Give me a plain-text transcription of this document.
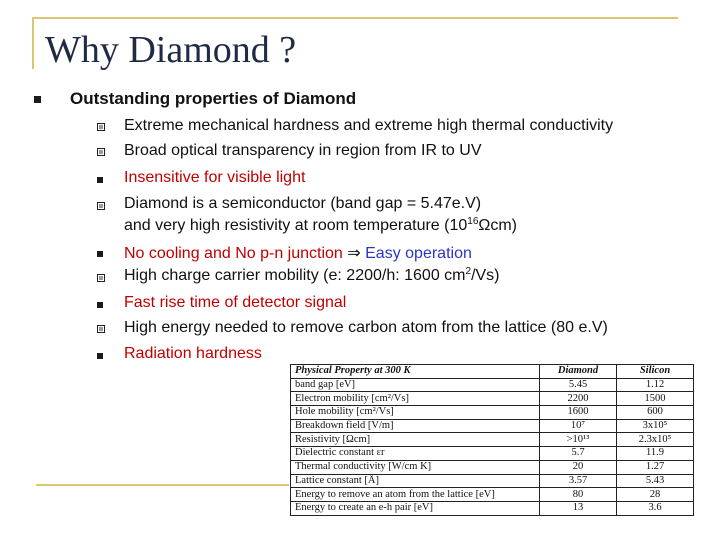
Why Diamond ?
Outstanding properties of Diamond
Extreme mechanical hardness and extreme high thermal conductivity
Broad optical transparency in region from IR to UV
Insensitive for visible light
Diamond is a semiconductor (band gap = 5.47e.V)
and very high resistivity at room temperature $(10^{16}\Omega cm)$
No cooling and No p-n junction ⇒ Easy operation
High charge carrier mobility (e: 2200/h: 1600 $cm^2/Vs$)
Fast rise time of detector signal
High energy needed to remove carbon atom from the lattice (80 e.V)
Radiation hardness
Physical Property at 300 K	Diamond	Silicon
band gap [eV]	5.45	1.12
Electron mobility [cm²/Vs]	2200	1500
Hole mobility [cm²/Vs]	1600	600
Breakdown field [V/m]	10⁷	3x10⁵
Resistivity [Ωcm]	>10¹³	2.3x10⁵
Dielectric constant εr	5.7	11.9
Thermal conductivity [W/cm K]	20	1.27
Lattice constant [Å]	3.57	5.43
Energy to remove an atom from the lattice [eV]	80	28
Energy to create an e-h pair [eV]	13	3.6
